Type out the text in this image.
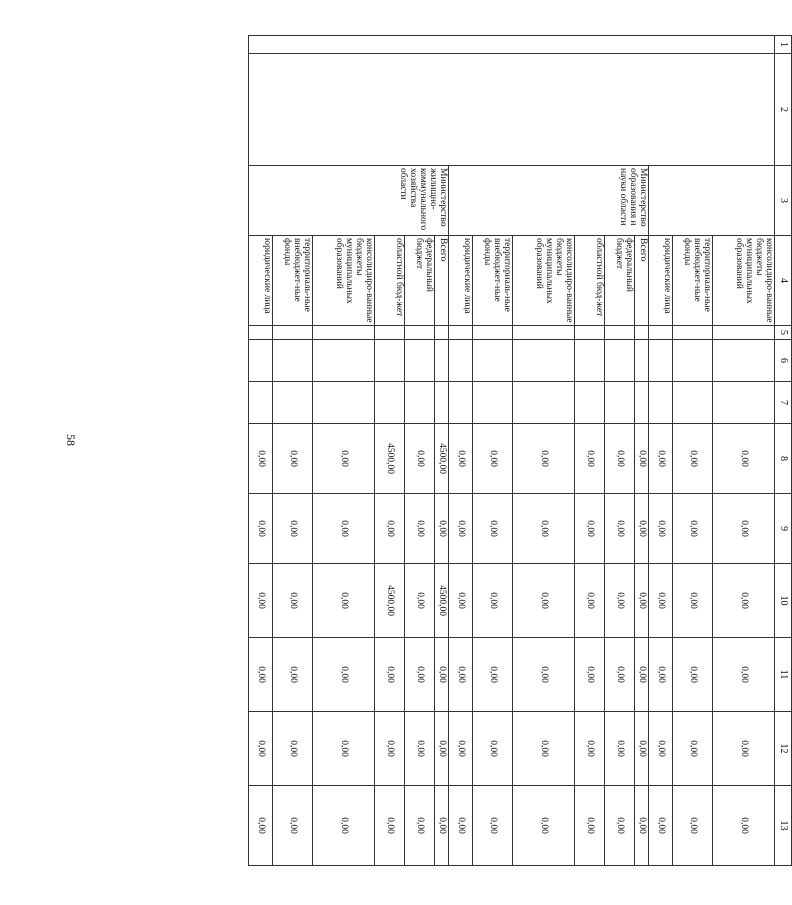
58
1	2	3	4	5	6	7	8	9	10	11	12	13
			консолидиро-ванные бюджеты муниципальных образований				0,00	0,00	0,00	0,00	0,00	0,00
			территориаль-ные внебюджет-ные фонды				0,00	0,00	0,00	0,00	0,00	0,00
			юридические лица				0,00	0,00	0,00	0,00	0,00	0,00
		Министерство образования и науки области	Всего				0,00	0,00	0,00	0,00	0,00	0,00
			федеральный бюджет				0,00	0,00	0,00	0,00	0,00	0,00
			областной бюд-жет				0,00	0,00	0,00	0,00	0,00	0,00
			консолидиро-ванные бюджеты муниципальных образований				0,00	0,00	0,00	0,00	0,00	0,00
			территориаль-ные внебюджет-ные фонды				0,00	0,00	0,00	0,00	0,00	0,00
			юридические лица				0,00	0,00	0,00	0,00	0,00	0,00
		Министерство жилищно-коммунального хозяйства области	Всего				4500,00	0,00	4500,00	0,00	0,00	0,00
			федеральный бюджет				0,00	0,00	0,00	0,00	0,00	0,00
			областной бюд-жет				4500,00	0,00	4500,00	0,00	0,00	0,00
			консолидиро-ванные бюджеты муниципальных образований				0,00	0,00	0,00	0,00	0,00	0,00
			территориаль-ные внебюджет-ные фонды				0,00	0,00	0,00	0,00	0,00	0,00
			юридические лица				0,00	0,00	0,00	0,00	0,00	0,00
